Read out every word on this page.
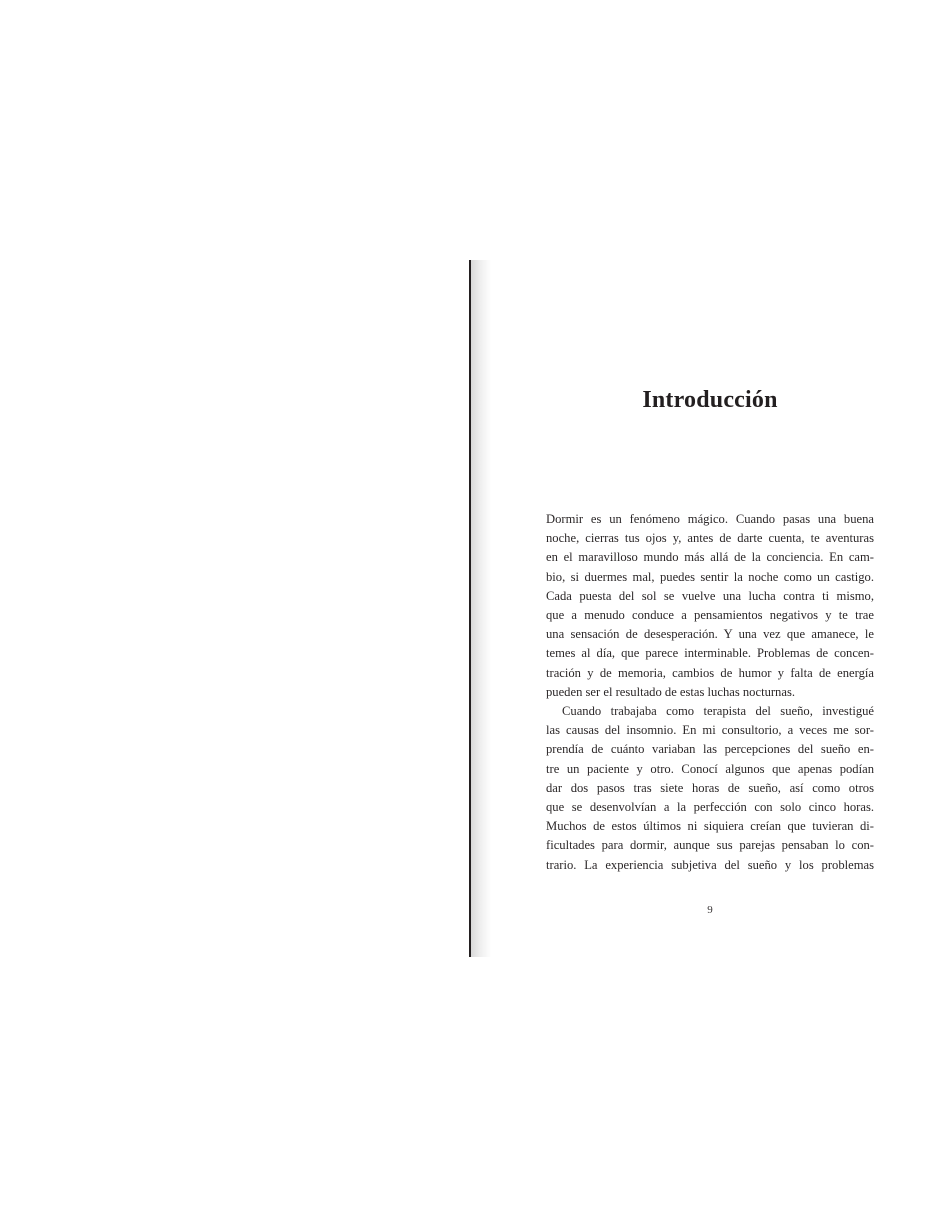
Introducción

Dormir es un fenómeno mágico. Cuando pasas una buena

noche, cierras tus ojos y, antes de darte cuenta, te aventuras

en el maravilloso mundo más allá de la conciencia. En cam-

bio, si duermes mal, puedes sentir la noche como un castigo.

Cada puesta del sol se vuelve una lucha contra ti mismo,

que a menudo conduce a pensamientos negativos y te trae

una sensación de desesperación. Y una vez que amanece, le

temes al día, que parece interminable. Problemas de concen-

tración y de memoria, cambios de humor y falta de energía

pueden ser el resultado de estas luchas nocturnas.

Cuando trabajaba como terapista del sueño, investigué

las causas del insomnio. En mi consultorio, a veces me sor-

prendía de cuánto variaban las percepciones del sueño en-

tre un paciente y otro. Conocí algunos que apenas podían

dar dos pasos tras siete horas de sueño, así como otros

que se desenvolvían a la perfección con solo cinco horas.

Muchos de estos últimos ni siquiera creían que tuvieran di-

ficultades para dormir, aunque sus parejas pensaban lo con-

trario. La experiencia subjetiva del sueño y los problemas

9
